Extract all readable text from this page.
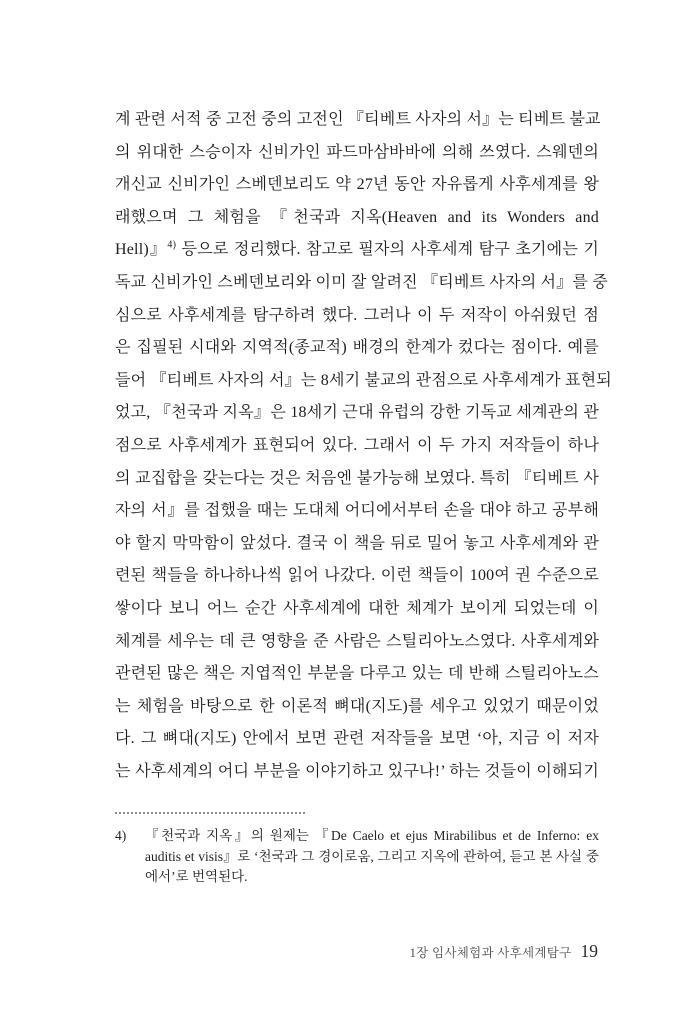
계 관련 서적 중 고전 중의 고전인 『티베트 사자의 서』는 티베트 불교
의 위대한 스승이자 신비가인 파드마삼바바에 의해 쓰였다. 스웨덴의
개신교 신비가인 스베덴보리도 약 27년 동안 자유롭게 사후세계를 왕
래했으며 그 체험을 『천국과 지옥(Heaven and its Wonders and
Hell)』$^{4)}$ 등으로 정리했다. 참고로 필자의 사후세계 탐구 초기에는 기
독교 신비가인 스베덴보리와 이미 잘 알려진 『티베트 사자의 서』를 중
심으로 사후세계를 탐구하려 했다. 그러나 이 두 저작이 아쉬웠던 점
은 집필된 시대와 지역적(종교적) 배경의 한계가 컸다는 점이다. 예를
들어 『티베트 사자의 서』는 8세기 불교의 관점으로 사후세계가 표현되
었고, 『천국과 지옥』은 18세기 근대 유럽의 강한 기독교 세계관의 관
점으로 사후세계가 표현되어 있다. 그래서 이 두 가지 저작들이 하나
의 교집합을 갖는다는 것은 처음엔 불가능해 보였다. 특히 『티베트 사
자의 서』를 접했을 때는 도대체 어디에서부터 손을 대야 하고 공부해
야 할지 막막함이 앞섰다. 결국 이 책을 뒤로 밀어 놓고 사후세계와 관
련된 책들을 하나하나씩 읽어 나갔다. 이런 책들이 100여 권 수준으로
쌓이다 보니 어느 순간 사후세계에 대한 체계가 보이게 되었는데 이
체계를 세우는 데 큰 영향을 준 사람은 스틸리아노스였다. 사후세계와
관련된 많은 책은 지엽적인 부분을 다루고 있는 데 반해 스틸리아노스
는 체험을 바탕으로 한 이론적 뼈대(지도)를 세우고 있었기 때문이었
다. 그 뼈대(지도) 안에서 보면 관련 저작들을 보면 ‘아, 지금 이 저자
는 사후세계의 어디 부분을 이야기하고 있구나!’ 하는 것들이 이해되기
4)	『천국과 지옥』의 원제는 『De Caelo et ejus Mirabilibus et de Inferno: ex
auditis et visis』로 ‘천국과 그 경이로움, 그리고 지옥에 관하여, 듣고 본 사실 중
에서’로 번역된다.
1장 임사체험과 사후세계탐구 19
